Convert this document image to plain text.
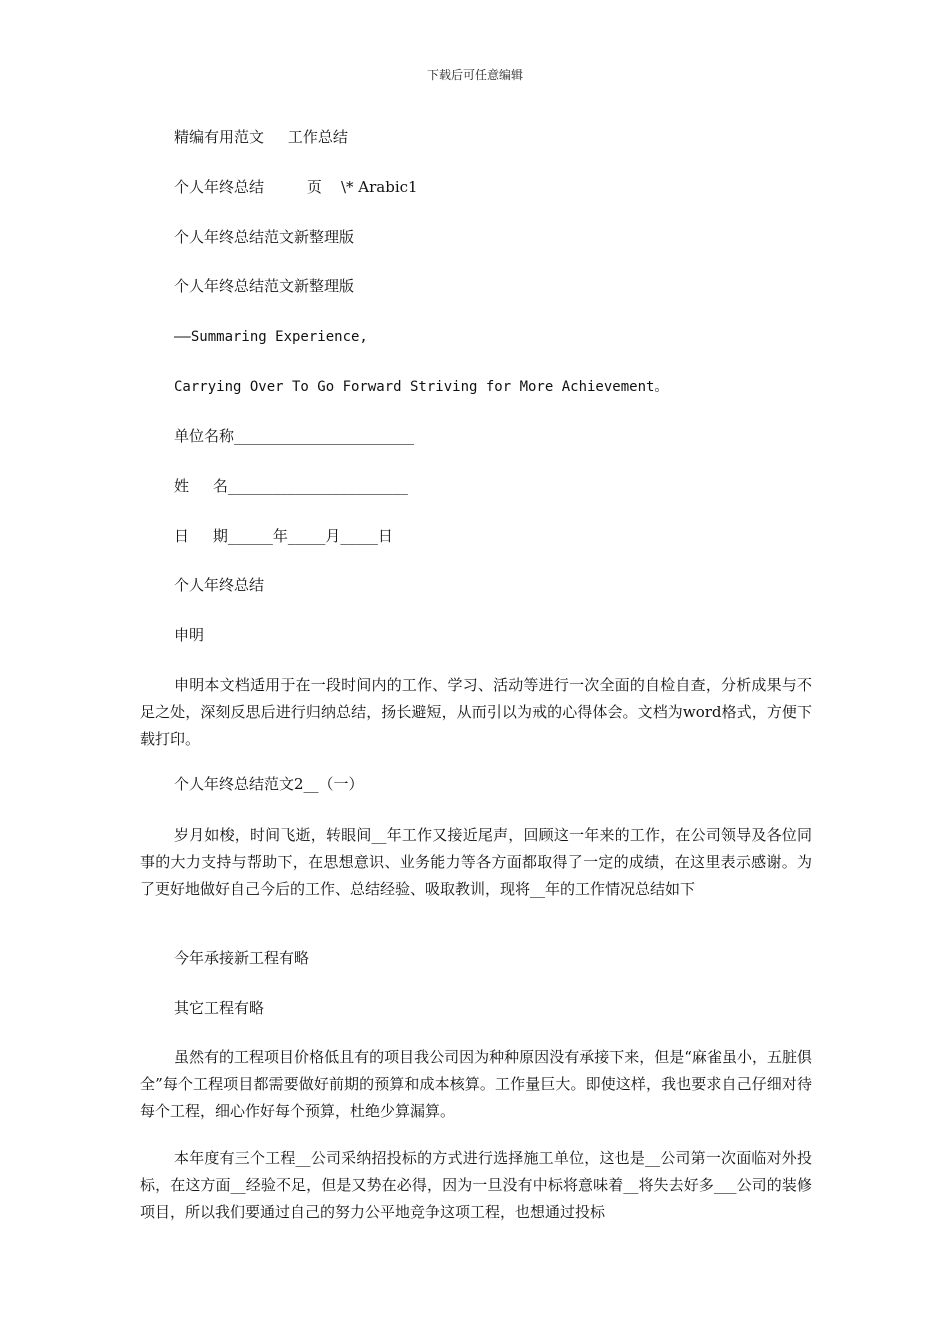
下载后可任意编辑
精编有用范文     工作总结
个人年终总结         页    \* Arabic1
个人年终总结范文新整理版
个人年终总结范文新整理版
——Summaring Experience,
Carrying Over To Go Forward Striving for More Achievement。
单位名称________________________
姓     名________________________
日     期______年_____月_____日
个人年终总结
申明
申明本文档适用于在一段时间内的工作、学习、活动等进行一次全面的自检自查，分析成果与不足之处，深刻反思后进行归纳总结，扬长避短，从而引以为戒的心得体会。文档为word格式，方便下载打印。
个人年终总结范文2__（一）
岁月如梭，时间飞逝，转眼间__年工作又接近尾声，回顾这一年来的工作，在公司领导及各位同事的大力支持与帮助下，在思想意识、业务能力等各方面都取得了一定的成绩，在这里表示感谢。为了更好地做好自己今后的工作、总结经验、吸取教训，现将__年的工作情况总结如下
今年承接新工程有略
其它工程有略
虽然有的工程项目价格低且有的项目我公司因为种种原因没有承接下来，但是“麻雀虽小，五脏俱全”每个工程项目都需要做好前期的预算和成本核算。工作量巨大。即使这样，我也要求自己仔细对待每个工程，细心作好每个预算，杜绝少算漏算。
本年度有三个工程__公司采纳招投标的方式进行选择施工单位，这也是__公司第一次面临对外投标，在这方面__经验不足，但是又势在必得，因为一旦没有中标将意味着__将失去好多___公司的装修项目，所以我们要通过自己的努力公平地竞争这项工程，也想通过投标
